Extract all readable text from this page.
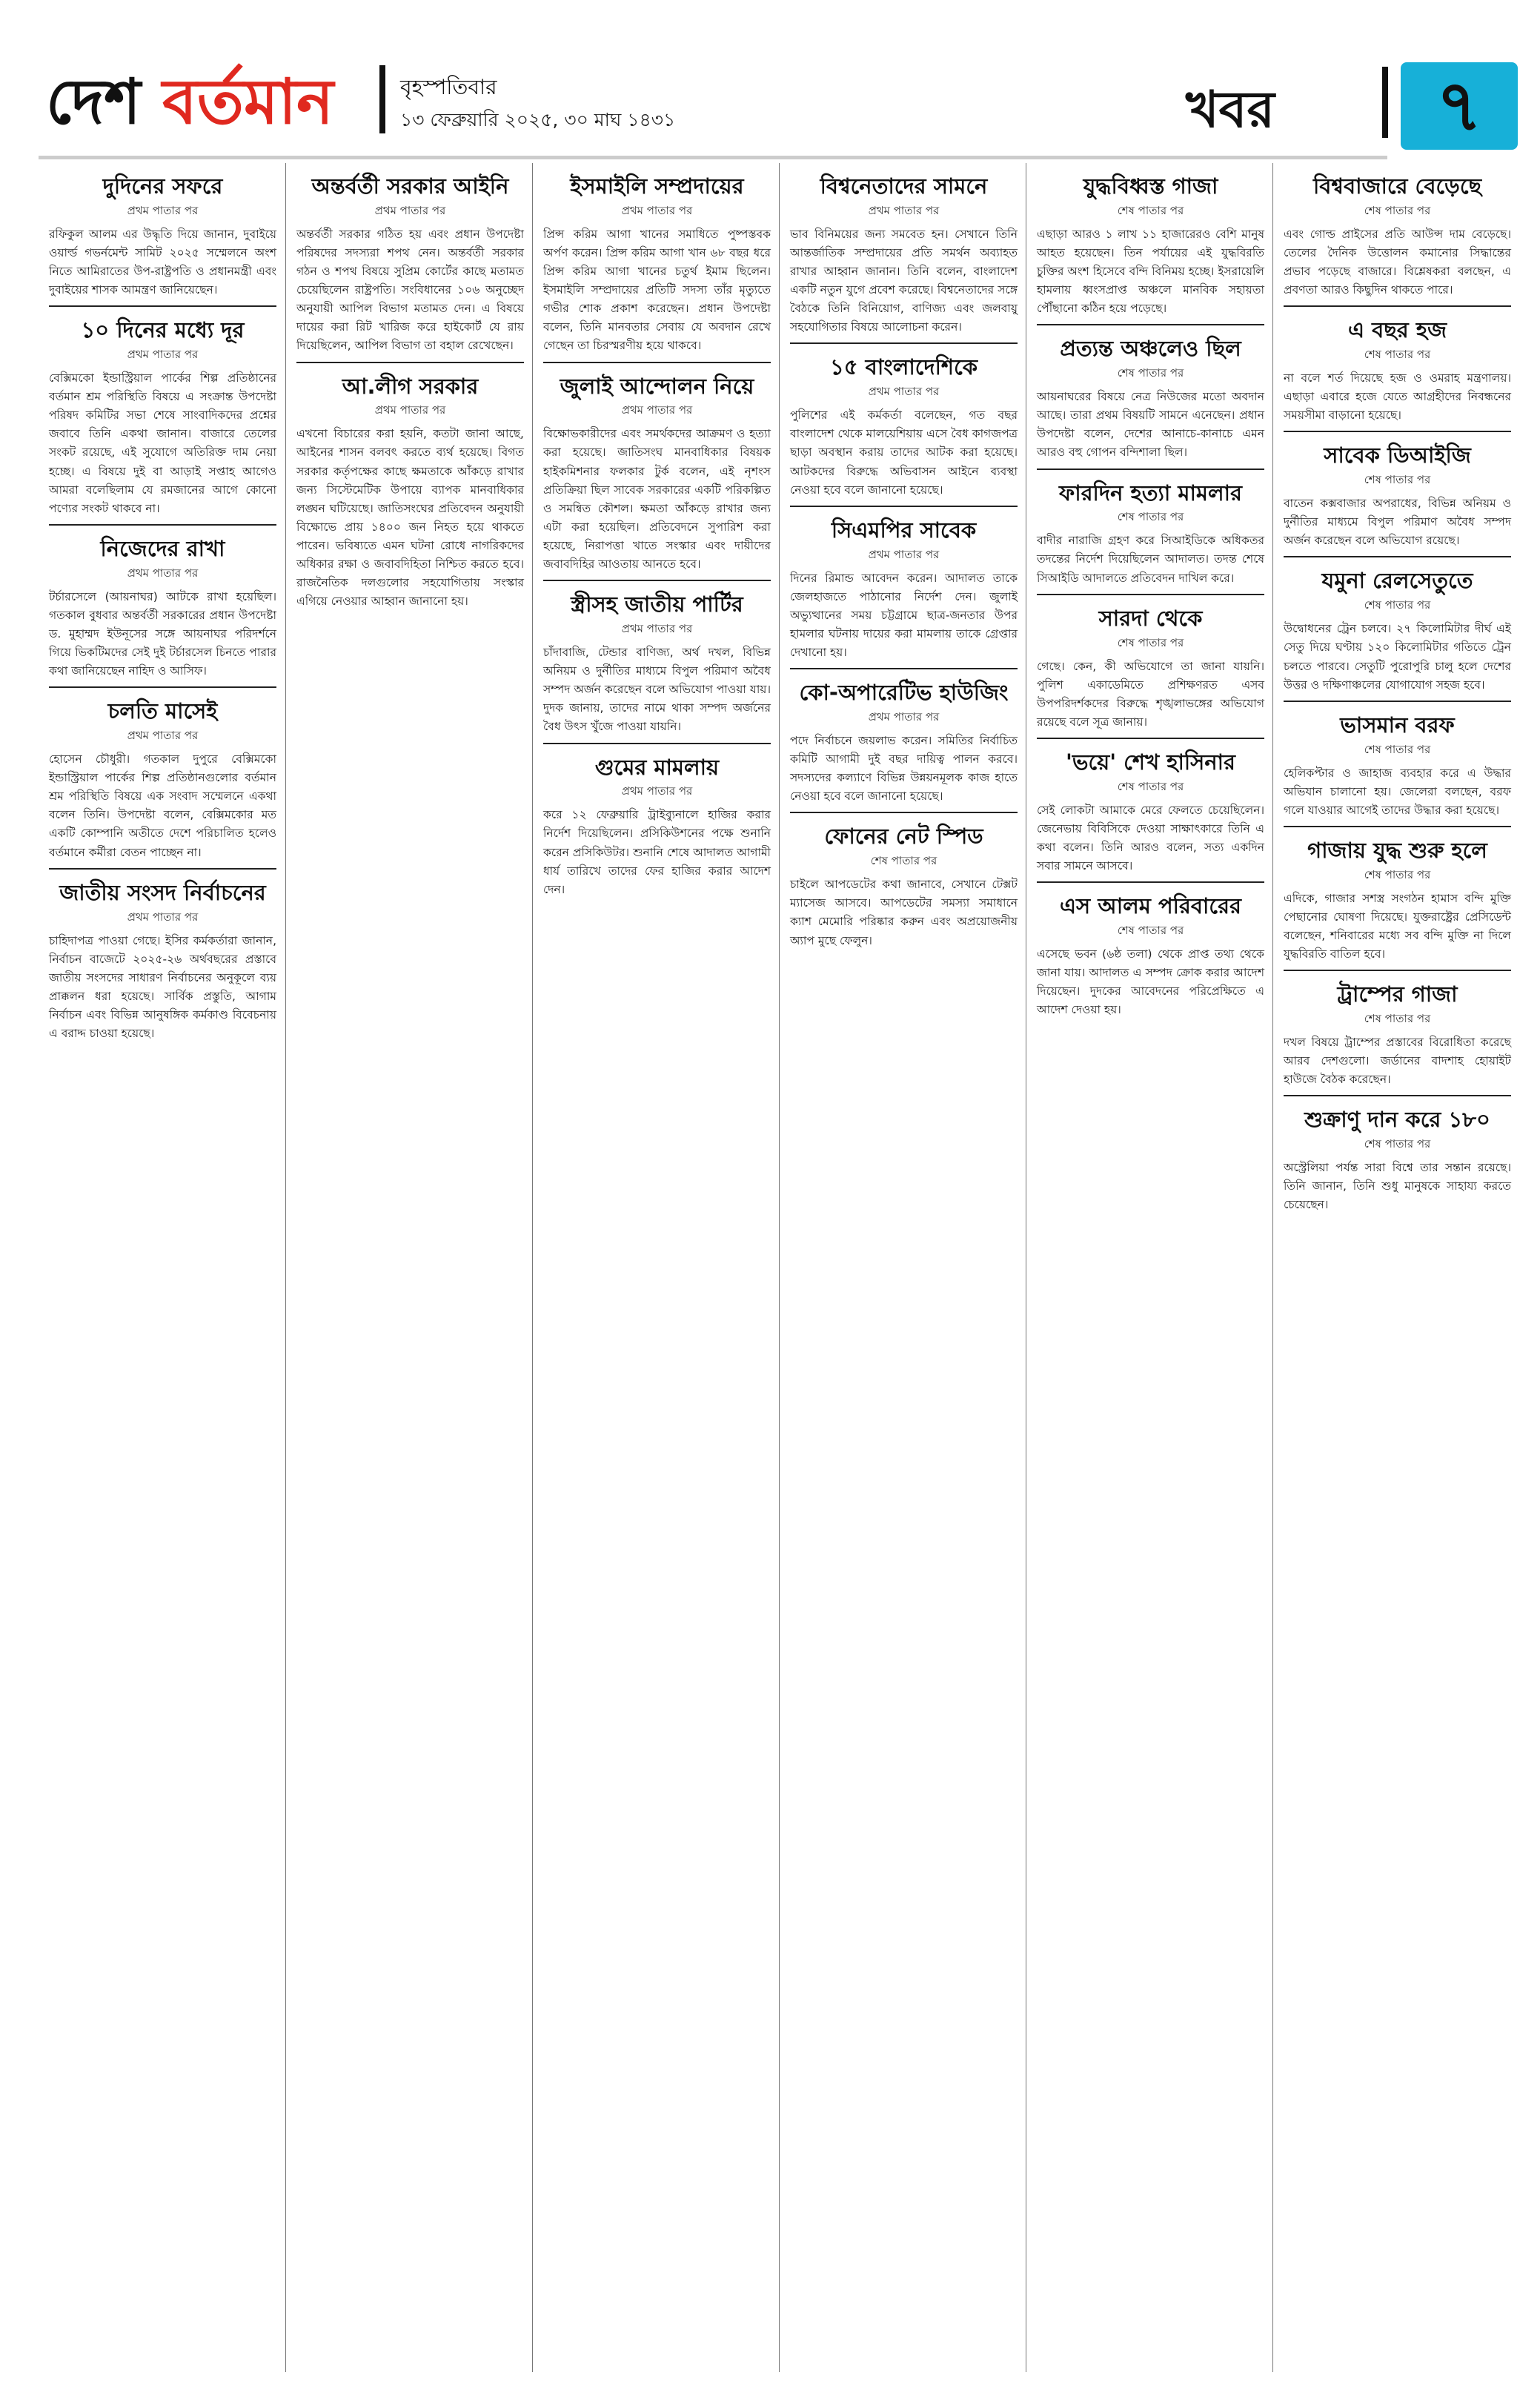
দেশ বর্তমান	বৃহস্পতিবার
১৩ ফেব্রুয়ারি ২০২৫, ৩০ মাঘ ১৪৩১	খবর	৭
দুদিনের সফরে
প্রথম পাতার পর

রফিকুল আলম এর উদ্ধৃতি দিয়ে জানান, দুবাইয়ে ওয়ার্ল্ড গভর্নমেন্ট সামিট ২০২৫ সম্মেলনে অংশ নিতে আমিরাতের উপ-রাষ্ট্রপতি ও প্রধানমন্ত্রী এবং দুবাইয়ের শাসক আমন্ত্রণ জানিয়েছেন।

১০ দিনের মধ্যে দূর
প্রথম পাতার পর

বেক্সিমকো ইন্ডাস্ট্রিয়াল পার্কের শিল্প প্রতিষ্ঠানের বর্তমান শ্রম পরিস্থিতি বিষয়ে এ সংক্রান্ত উপদেষ্টা পরিষদ কমিটির সভা শেষে সাংবাদিকদের প্রশ্নের জবাবে তিনি একথা জানান। বাজারে তেলের সংকট রয়েছে, এই সুযোগে অতিরিক্ত দাম নেয়া হচ্ছে। এ বিষয়ে দুই বা আড়াই সপ্তাহ আগেও আমরা বলেছিলাম যে রমজানের আগে কোনো পণ্যের সংকট থাকবে না।

নিজেদের রাখা
প্রথম পাতার পর

টর্চারসেলে (আয়নাঘর) আটকে রাখা হয়েছিল। গতকাল বুধবার অন্তর্বর্তী সরকারের প্রধান উপদেষ্টা ড. মুহাম্মদ ইউনূসের সঙ্গে আয়নাঘর পরিদর্শনে গিয়ে ভিকটিমদের সেই দুই টর্চারসেল চিনতে পারার কথা জানিয়েছেন নাহিদ ও আসিফ।

চলতি মাসেই
প্রথম পাতার পর

হোসেন চৌধুরী। গতকাল দুপুরে বেক্সিমকো ইন্ডাস্ট্রিয়াল পার্কের শিল্প প্রতিষ্ঠানগুলোর বর্তমান শ্রম পরিস্থিতি বিষয়ে এক সংবাদ সম্মেলনে একথা বলেন তিনি। উপদেষ্টা বলেন, বেক্সিমকোর মত একটি কোম্পানি অতীতে দেশে পরিচালিত হলেও বর্তমানে কর্মীরা বেতন পাচ্ছেন না।

জাতীয় সংসদ নির্বাচনের
প্রথম পাতার পর

চাহিদাপত্র পাওয়া গেছে। ইসির কর্মকর্তারা জানান, নির্বাচন বাজেটে ২০২৫-২৬ অর্থবছরের প্রস্তাবে জাতীয় সংসদের সাধারণ নির্বাচনের অনুকূলে ব্যয় প্রাক্কলন ধরা হয়েছে। সার্বিক প্রস্তুতি, আগাম নির্বাচন এবং বিভিন্ন আনুষঙ্গিক কর্মকাণ্ড বিবেচনায় এ বরাদ্দ চাওয়া হয়েছে।

অন্তর্বর্তী সরকার আইনি
প্রথম পাতার পর

অন্তর্বর্তী সরকার গঠিত হয় এবং প্রধান উপদেষ্টা পরিষদের সদস্যরা শপথ নেন। অন্তর্বর্তী সরকার গঠন ও শপথ বিষয়ে সুপ্রিম কোর্টের কাছে মতামত চেয়েছিলেন রাষ্ট্রপতি। সংবিধানের ১০৬ অনুচ্ছেদ অনুযায়ী আপিল বিভাগ মতামত দেন। এ বিষয়ে দায়ের করা রিট খারিজ করে হাইকোর্ট যে রায় দিয়েছিলেন, আপিল বিভাগ তা বহাল রেখেছেন।

আ.লীগ সরকার
প্রথম পাতার পর

এখনো বিচারের করা হয়নি, কতটা জানা আছে, আইনের শাসন বলবৎ করতে ব্যর্থ হয়েছে। বিগত সরকার কর্তৃপক্ষের কাছে ক্ষমতাকে আঁকড়ে রাখার জন্য সিস্টেমেটিক উপায়ে ব্যাপক মানবাধিকার লঙ্ঘন ঘটিয়েছে। জাতিসংঘের প্রতিবেদন অনুযায়ী বিক্ষোভে প্রায় ১৪০০ জন নিহত হয়ে থাকতে পারেন। ভবিষ্যতে এমন ঘটনা রোধে নাগরিকদের অধিকার রক্ষা ও জবাবদিহিতা নিশ্চিত করতে হবে। রাজনৈতিক দলগুলোর সহযোগিতায় সংস্কার এগিয়ে নেওয়ার আহ্বান জানানো হয়।

ইসমাইলি সম্প্রদায়ের
প্রথম পাতার পর

প্রিন্স করিম আগা খানের সমাধিতে পুষ্পস্তবক অর্পণ করেন। প্রিন্স করিম আগা খান ৬৮ বছর ধরে প্রিন্স করিম আগা খানের চতুর্থ ইমাম ছিলেন। ইসমাইলি সম্প্রদায়ের প্রতিটি সদস্য তাঁর মৃত্যুতে গভীর শোক প্রকাশ করেছেন। প্রধান উপদেষ্টা বলেন, তিনি মানবতার সেবায় যে অবদান রেখে গেছেন তা চিরস্মরণীয় হয়ে থাকবে।

জুলাই আন্দোলন নিয়ে
প্রথম পাতার পর

বিক্ষোভকারীদের এবং সমর্থকদের আক্রমণ ও হত্যা করা হয়েছে। জাতিসংঘ মানবাধিকার বিষয়ক হাইকমিশনার ফলকার টুর্ক বলেন, এই নৃশংস প্রতিক্রিয়া ছিল সাবেক সরকারের একটি পরিকল্পিত ও সমন্বিত কৌশল। ক্ষমতা আঁকড়ে রাখার জন্য এটা করা হয়েছিল। প্রতিবেদনে সুপারিশ করা হয়েছে, নিরাপত্তা খাতে সংস্কার এবং দায়ীদের জবাবদিহির আওতায় আনতে হবে।

স্ত্রীসহ জাতীয় পার্টির
প্রথম পাতার পর

চাঁদাবাজি, টেন্ডার বাণিজ্য, অর্থ দখল, বিভিন্ন অনিয়ম ও দুর্নীতির মাধ্যমে বিপুল পরিমাণ অবৈধ সম্পদ অর্জন করেছেন বলে অভিযোগ পাওয়া যায়। দুদক জানায়, তাদের নামে থাকা সম্পদ অর্জনের বৈধ উৎস খুঁজে পাওয়া যায়নি।

গুমের মামলায়
প্রথম পাতার পর

করে ১২ ফেব্রুয়ারি ট্রাইব্যুনালে হাজির করার নির্দেশ দিয়েছিলেন। প্রসিকিউশনের পক্ষে শুনানি করেন প্রসিকিউটর। শুনানি শেষে আদালত আগামী ধার্য তারিখে তাদের ফের হাজির করার আদেশ দেন।

বিশ্বনেতাদের সামনে
প্রথম পাতার পর

ভাব বিনিময়ের জন্য সমবেত হন। সেখানে তিনি আন্তর্জাতিক সম্প্রদায়ের প্রতি সমর্থন অব্যাহত রাখার আহ্বান জানান। তিনি বলেন, বাংলাদেশ একটি নতুন যুগে প্রবেশ করেছে। বিশ্বনেতাদের সঙ্গে বৈঠকে তিনি বিনিয়োগ, বাণিজ্য এবং জলবায়ু সহযোগিতার বিষয়ে আলোচনা করেন।

১৫ বাংলাদেশিকে
প্রথম পাতার পর

পুলিশের এই কর্মকর্তা বলেছেন, গত বছর বাংলাদেশ থেকে মালয়েশিয়ায় এসে বৈধ কাগজপত্র ছাড়া অবস্থান করায় তাদের আটক করা হয়েছে। আটকদের বিরুদ্ধে অভিবাসন আইনে ব্যবস্থা নেওয়া হবে বলে জানানো হয়েছে।

সিএমপির সাবেক
প্রথম পাতার পর

দিনের রিমান্ড আবেদন করেন। আদালত তাকে জেলহাজতে পাঠানোর নির্দেশ দেন। জুলাই অভ্যুত্থানের সময় চট্টগ্রামে ছাত্র-জনতার উপর হামলার ঘটনায় দায়ের করা মামলায় তাকে গ্রেপ্তার দেখানো হয়।

কো-অপারেটিভ হাউজিং
প্রথম পাতার পর

পদে নির্বাচনে জয়লাভ করেন। সমিতির নির্বাচিত কমিটি আগামী দুই বছর দায়িত্ব পালন করবে। সদস্যদের কল্যাণে বিভিন্ন উন্নয়নমূলক কাজ হাতে নেওয়া হবে বলে জানানো হয়েছে।

ফোনের নেট স্পিড
শেষ পাতার পর

চাইলে আপডেটের কথা জানাবে, সেখানে টেক্সট ম্যাসেজ আসবে। আপডেটের সমস্যা সমাধানে ক্যাশ মেমোরি পরিষ্কার করুন এবং অপ্রয়োজনীয় অ্যাপ মুছে ফেলুন।

যুদ্ধবিধ্বস্ত গাজা
শেষ পাতার পর

এছাড়া আরও ১ লাখ ১১ হাজারেরও বেশি মানুষ আহত হয়েছেন। তিন পর্যায়ের এই যুদ্ধবিরতি চুক্তির অংশ হিসেবে বন্দি বিনিময় হচ্ছে। ইসরায়েলি হামলায় ধ্বংসপ্রাপ্ত অঞ্চলে মানবিক সহায়তা পৌঁছানো কঠিন হয়ে পড়েছে।

প্রত্যন্ত অঞ্চলেও ছিল
শেষ পাতার পর

আয়নাঘরের বিষয়ে নেত্র নিউজের মতো অবদান আছে। তারা প্রথম বিষয়টি সামনে এনেছেন। প্রধান উপদেষ্টা বলেন, দেশের আনাচে-কানাচে এমন আরও বহু গোপন বন্দিশালা ছিল।

ফারদিন হত্যা মামলার
শেষ পাতার পর

বাদীর নারাজি গ্রহণ করে সিআইডিকে অধিকতর তদন্তের নির্দেশ দিয়েছিলেন আদালত। তদন্ত শেষে সিআইডি আদালতে প্রতিবেদন দাখিল করে।

সারদা থেকে
শেষ পাতার পর

গেছে। কেন, কী অভিযোগে তা জানা যায়নি। পুলিশ একাডেমিতে প্রশিক্ষণরত এসব উপপরিদর্শকদের বিরুদ্ধে শৃঙ্খলাভঙ্গের অভিযোগ রয়েছে বলে সূত্র জানায়।

'ভয়ে' শেখ হাসিনার
শেষ পাতার পর

সেই লোকটা আমাকে মেরে ফেলতে চেয়েছিলেন। জেনেভায় বিবিসিকে দেওয়া সাক্ষাৎকারে তিনি এ কথা বলেন। তিনি আরও বলেন, সত্য একদিন সবার সামনে আসবে।

এস আলম পরিবারের
শেষ পাতার পর

এসেছে ভবন (৬ষ্ঠ তলা) থেকে প্রাপ্ত তথ্য থেকে জানা যায়। আদালত এ সম্পদ ক্রোক করার আদেশ দিয়েছেন। দুদকের আবেদনের পরিপ্রেক্ষিতে এ আদেশ দেওয়া হয়।

বিশ্ববাজারে বেড়েছে
শেষ পাতার পর

এবং গোল্ড প্রাইসের প্রতি আউন্স দাম বেড়েছে। তেলের দৈনিক উত্তোলন কমানোর সিদ্ধান্তের প্রভাব পড়েছে বাজারে। বিশ্লেষকরা বলছেন, এ প্রবণতা আরও কিছুদিন থাকতে পারে।

এ বছর হজ
শেষ পাতার পর

না বলে শর্ত দিয়েছে হজ ও ওমরাহ মন্ত্রণালয়। এছাড়া এবারে হজে যেতে আগ্রহীদের নিবন্ধনের সময়সীমা বাড়ানো হয়েছে।

সাবেক ডিআইজি
শেষ পাতার পর

বাতেন কক্সবাজার অপরাধের, বিভিন্ন অনিয়ম ও দুর্নীতির মাধ্যমে বিপুল পরিমাণ অবৈধ সম্পদ অর্জন করেছেন বলে অভিযোগ রয়েছে।

যমুনা রেলসেতুতে
শেষ পাতার পর

উদ্বোধনের ট্রেন চলবে। ২৭ কিলোমিটার দীর্ঘ এই সেতু দিয়ে ঘণ্টায় ১২০ কিলোমিটার গতিতে ট্রেন চলতে পারবে। সেতুটি পুরোপুরি চালু হলে দেশের উত্তর ও দক্ষিণাঞ্চলের যোগাযোগ সহজ হবে।

ভাসমান বরফ
শেষ পাতার পর

হেলিকপ্টার ও জাহাজ ব্যবহার করে এ উদ্ধার অভিযান চালানো হয়। জেলেরা বলছেন, বরফ গলে যাওয়ার আগেই তাদের উদ্ধার করা হয়েছে।

গাজায় যুদ্ধ শুরু হলে
শেষ পাতার পর

এদিকে, গাজার সশস্ত্র সংগঠন হামাস বন্দি মুক্তি পেছানোর ঘোষণা দিয়েছে। যুক্তরাষ্ট্রের প্রেসিডেন্ট বলেছেন, শনিবারের মধ্যে সব বন্দি মুক্তি না দিলে যুদ্ধবিরতি বাতিল হবে।

ট্রাম্পের গাজা
শেষ পাতার পর

দখল বিষয়ে ট্রাম্পের প্রস্তাবের বিরোধিতা করেছে আরব দেশগুলো। জর্ডানের বাদশাহ হোয়াইট হাউজে বৈঠক করেছেন।

শুক্রাণু দান করে ১৮০
শেষ পাতার পর

অস্ট্রেলিয়া পর্যন্ত সারা বিশ্বে তার সন্তান রয়েছে। তিনি জানান, তিনি শুধু মানুষকে সাহায্য করতে চেয়েছেন।
